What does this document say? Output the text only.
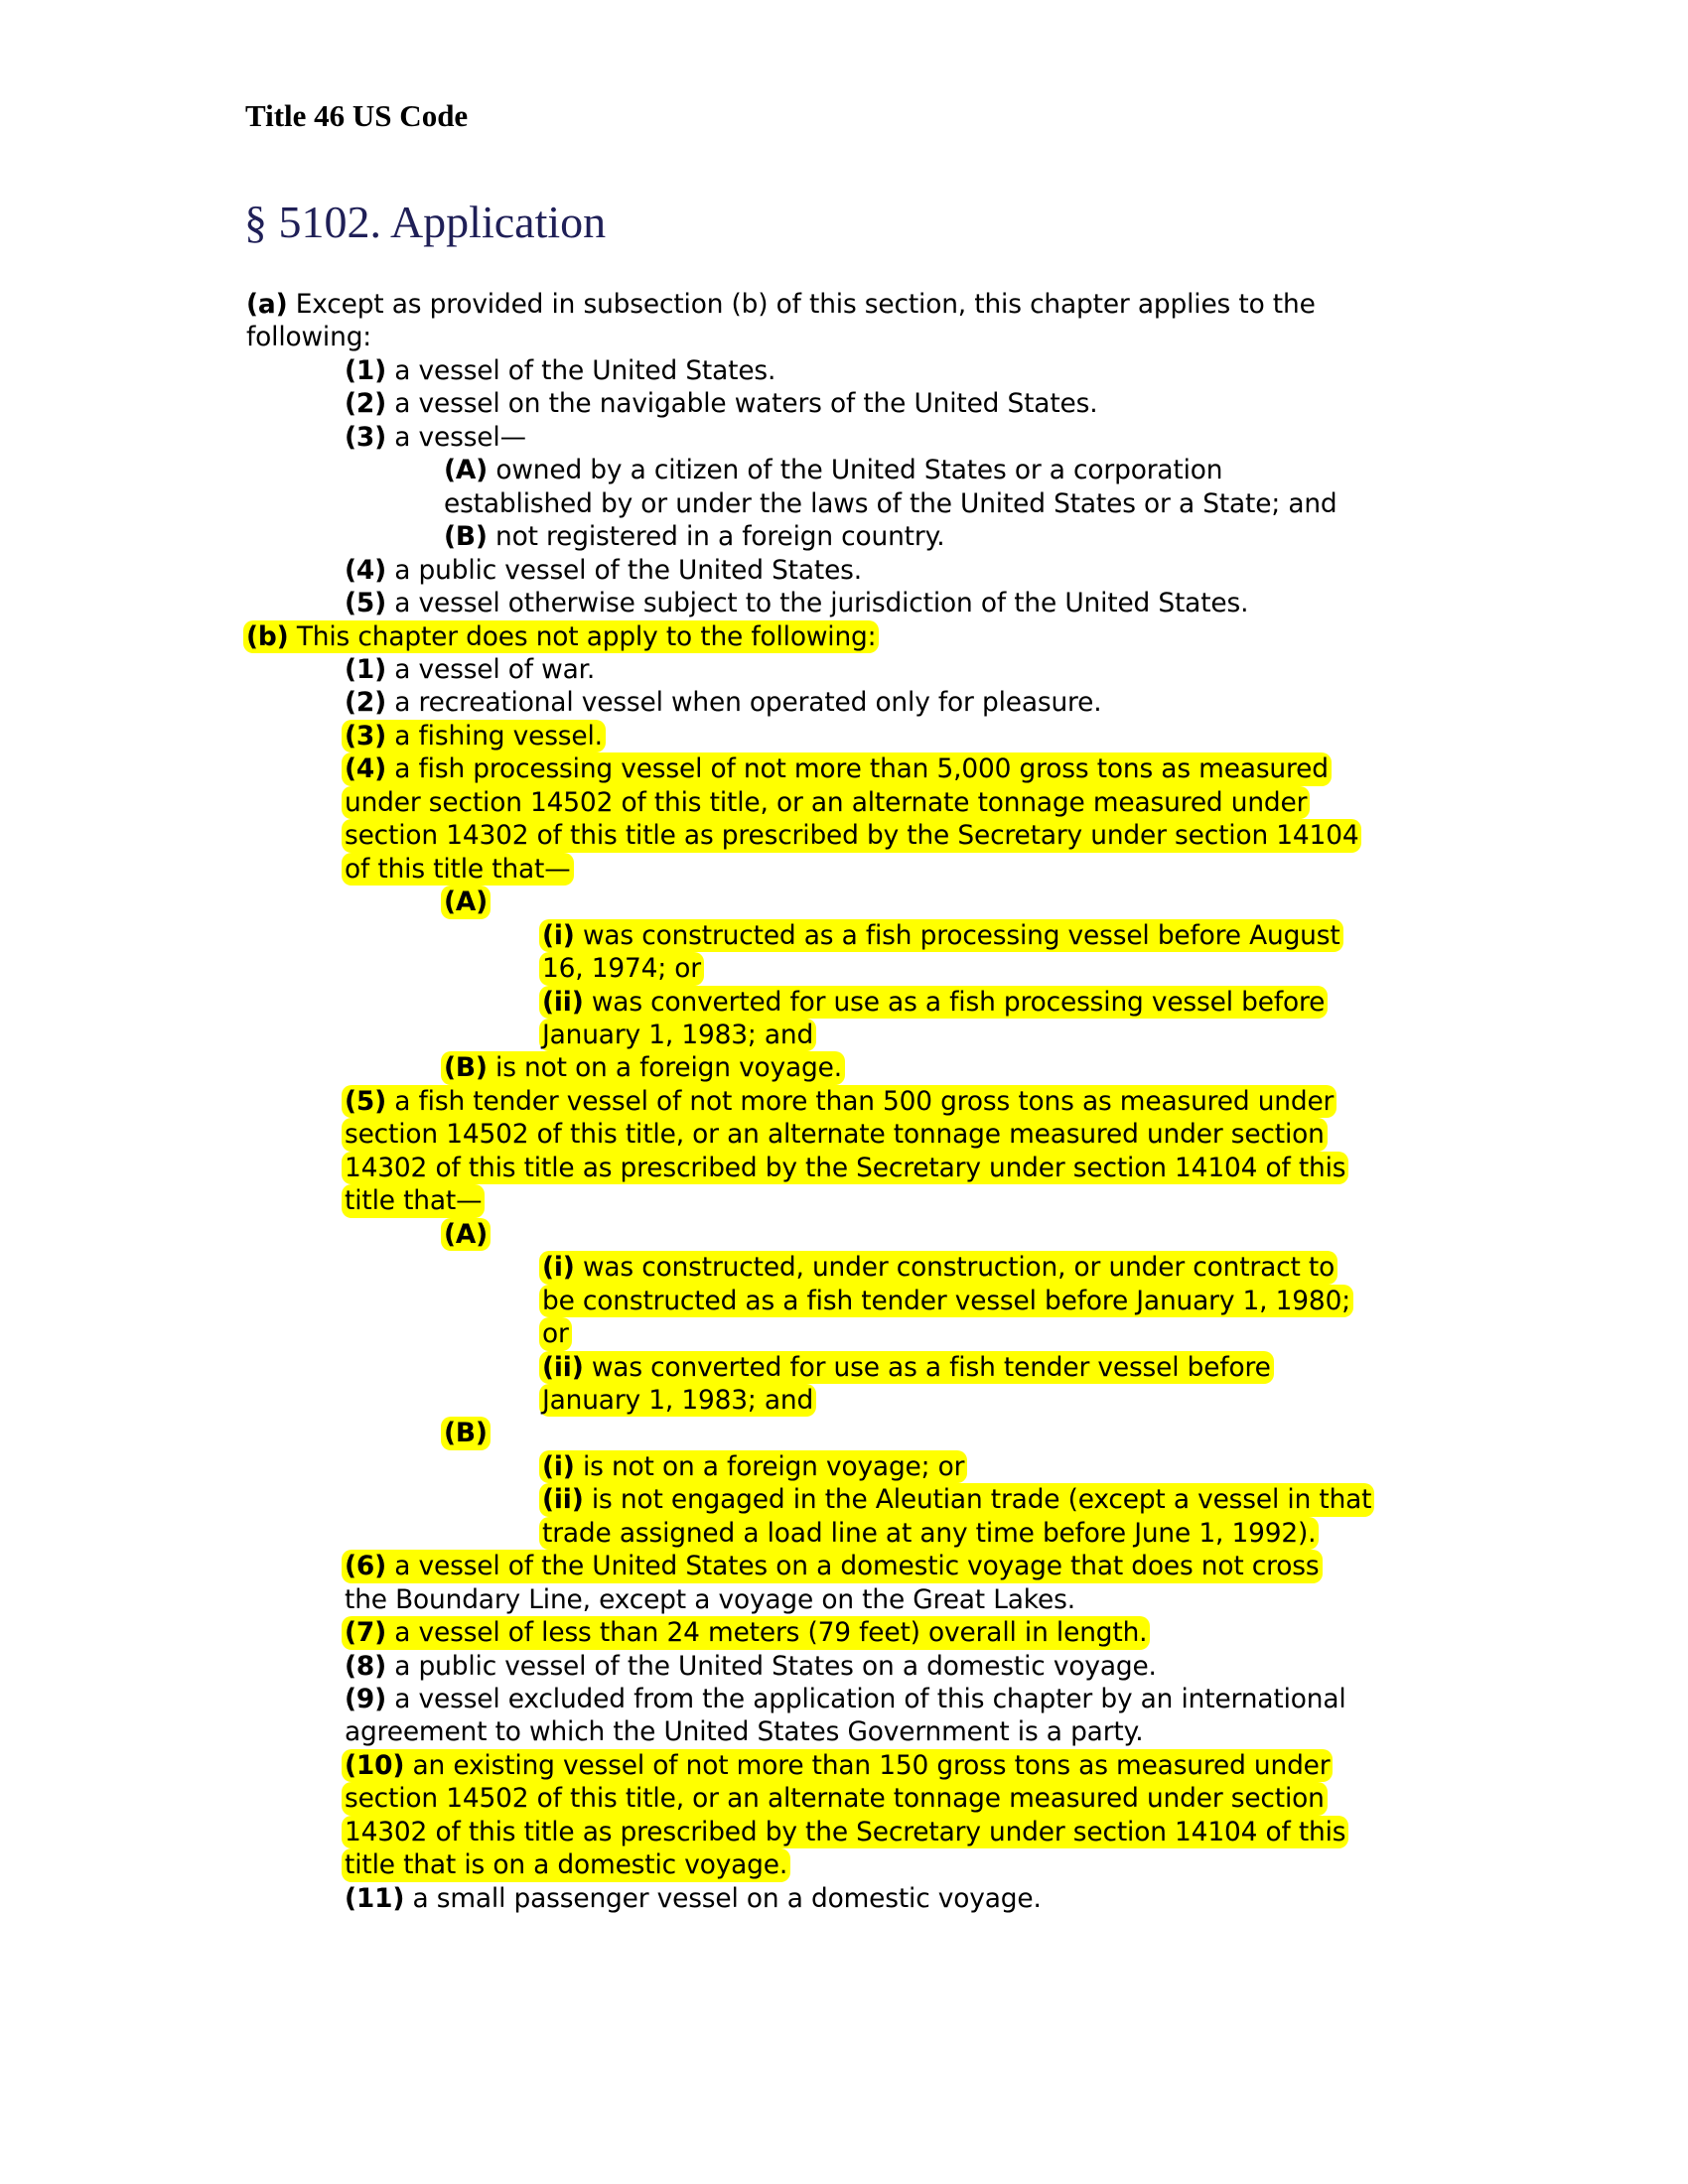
Title 46 US Code
§ 5102. Application
(a) Except as provided in subsection (b) of this section, this chapter applies to the
following:
(1) a vessel of the United States.
(2) a vessel on the navigable waters of the United States.
(3) a vessel—
(A) owned by a citizen of the United States or a corporation
established by or under the laws of the United States or a State; and
(B) not registered in a foreign country.
(4) a public vessel of the United States.
(5) a vessel otherwise subject to the jurisdiction of the United States.
(b) This chapter does not apply to the following:
(1) a vessel of war.
(2) a recreational vessel when operated only for pleasure.
(3) a fishing vessel.
(4) a fish processing vessel of not more than 5,000 gross tons as measured
under section 14502 of this title, or an alternate tonnage measured under
section 14302 of this title as prescribed by the Secretary under section 14104
of this title that—
(A)
(i) was constructed as a fish processing vessel before August
16, 1974; or
(ii) was converted for use as a fish processing vessel before
January 1, 1983; and
(B) is not on a foreign voyage.
(5) a fish tender vessel of not more than 500 gross tons as measured under
section 14502 of this title, or an alternate tonnage measured under section
14302 of this title as prescribed by the Secretary under section 14104 of this
title that—
(A)
(i) was constructed, under construction, or under contract to
be constructed as a fish tender vessel before January 1, 1980;
or
(ii) was converted for use as a fish tender vessel before
January 1, 1983; and
(B)
(i) is not on a foreign voyage; or
(ii) is not engaged in the Aleutian trade (except a vessel in that
trade assigned a load line at any time before June 1, 1992).
(6) a vessel of the United States on a domestic voyage that does not cross
the Boundary Line, except a voyage on the Great Lakes.
(7) a vessel of less than 24 meters (79 feet) overall in length.
(8) a public vessel of the United States on a domestic voyage.
(9) a vessel excluded from the application of this chapter by an international
agreement to which the United States Government is a party.
(10) an existing vessel of not more than 150 gross tons as measured under
section 14502 of this title, or an alternate tonnage measured under section
14302 of this title as prescribed by the Secretary under section 14104 of this
title that is on a domestic voyage.
(11) a small passenger vessel on a domestic voyage.
